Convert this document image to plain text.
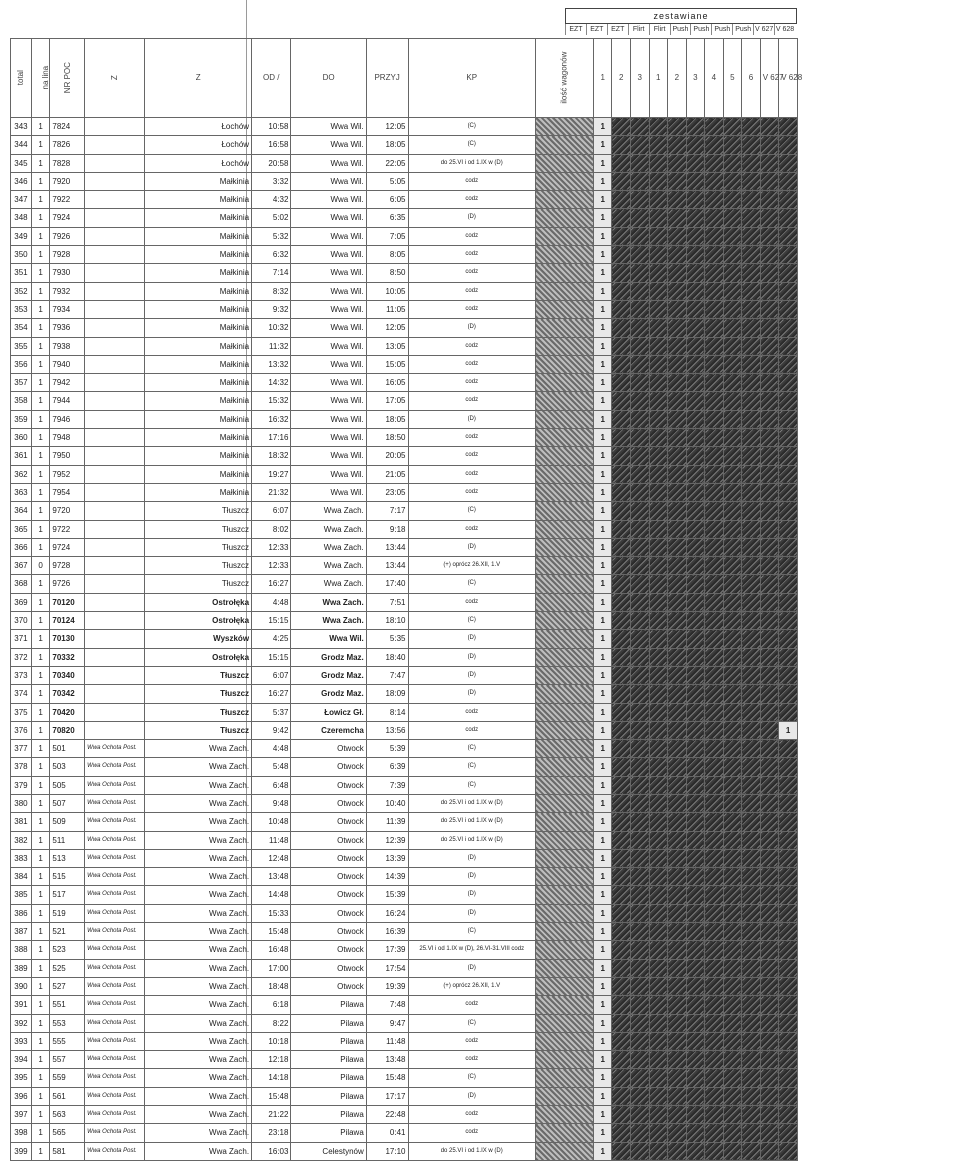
zestawiane
EZT	EZT	EZT	Flirt	Flirt	Push Push Push Push V 627 V 628
total	na lina	NR POC	Z	Z	OD /	DO	PRZYJ	KP	ilość wagonów	1	2	3	1	2	3	4	5	6	V 627	V 628
343	1	7824		Łochów	10:58	Wwa Wil.	12:05	(C)		1										
344	1	7826		Łochów	16:58	Wwa Wil.	18:05	(C)		1										
345	1	7828		Łochów	20:58	Wwa Wil.	22:05	do 25.VI i od 1.IX w (D)		1										
346	1	7920		Małkinia	3:32	Wwa Wil.	5:05	codz		1										
347	1	7922		Małkinia	4:32	Wwa Wil.	6:05	codz		1										
348	1	7924		Małkinia	5:02	Wwa Wil.	6:35	(D)		1										
349	1	7926		Małkinia	5:32	Wwa Wil.	7:05	codz		1										
350	1	7928		Małkinia	6:32	Wwa Wil.	8:05	codz		1										
351	1	7930		Małkinia	7:14	Wwa Wil.	8:50	codz		1										
352	1	7932		Małkinia	8:32	Wwa Wil.	10:05	codz		1										
353	1	7934		Małkinia	9:32	Wwa Wil.	11:05	codz		1										
354	1	7936		Małkinia	10:32	Wwa Wil.	12:05	(D)		1										
355	1	7938		Małkinia	11:32	Wwa Wil.	13:05	codz		1										
356	1	7940		Małkinia	13:32	Wwa Wil.	15:05	codz		1										
357	1	7942		Małkinia	14:32	Wwa Wil.	16:05	codz		1										
358	1	7944		Małkinia	15:32	Wwa Wil.	17:05	codz		1										
359	1	7946		Małkinia	16:32	Wwa Wil.	18:05	(D)		1										
360	1	7948		Małkinia	17:16	Wwa Wil.	18:50	codz		1										
361	1	7950		Małkinia	18:32	Wwa Wil.	20:05	codz		1										
362	1	7952		Małkinia	19:27	Wwa Wil.	21:05	codz		1										
363	1	7954		Małkinia	21:32	Wwa Wil.	23:05	codz		1										
364	1	9720		Tłuszcz	6:07	Wwa Zach.	7:17	(C)		1										
365	1	9722		Tłuszcz	8:02	Wwa Zach.	9:18	codz		1										
366	1	9724		Tłuszcz	12:33	Wwa Zach.	13:44	(D)		1										
367	0	9728		Tłuszcz	12:33	Wwa Zach.	13:44	(+) oprócz 26.XII, 1.V		1										
368	1	9726		Tłuszcz	16:27	Wwa Zach.	17:40	(C)		1										
369	1	70120		Ostrołęka	4:48	Wwa Zach.	7:51	codz		1										
370	1	70124		Ostrołęka	15:15	Wwa Zach.	18:10	(C)		1										
371	1	70130		Wyszków	4:25	Wwa Wil.	5:35	(D)		1										
372	1	70332		Ostrołęka	15:15	Grodz Maz.	18:40	(D)		1										
373	1	70340		Tłuszcz	6:07	Grodz Maz.	7:47	(D)		1										
374	1	70342		Tłuszcz	16:27	Grodz Maz.	18:09	(D)		1										
375	1	70420		Tłuszcz	5:37	Łowicz Gł.	8:14	codz		1										
376	1	70820		Tłuszcz	9:42	Czeremcha	13:56	codz		1										1
377	1	501	Wwa Ochota Post.	Wwa Zach.	4:48	Otwock	5:39	(C)		1										
378	1	503	Wwa Ochota Post.	Wwa Zach.	5:48	Otwock	6:39	(C)		1										
379	1	505	Wwa Ochota Post.	Wwa Zach.	6:48	Otwock	7:39	(C)		1										
380	1	507	Wwa Ochota Post.	Wwa Zach.	9:48	Otwock	10:40	do 25.VI i od 1.IX w (D)		1										
381	1	509	Wwa Ochota Post.	Wwa Zach.	10:48	Otwock	11:39	do 25.VI i od 1.IX w (D)		1										
382	1	511	Wwa Ochota Post.	Wwa Zach.	11:48	Otwock	12:39	do 25.VI i od 1.IX w (D)		1										
383	1	513	Wwa Ochota Post.	Wwa Zach.	12:48	Otwock	13:39	(D)		1										
384	1	515	Wwa Ochota Post.	Wwa Zach.	13:48	Otwock	14:39	(D)		1										
385	1	517	Wwa Ochota Post.	Wwa Zach.	14:48	Otwock	15:39	(D)		1										
386	1	519	Wwa Ochota Post.	Wwa Zach.	15:33	Otwock	16:24	(D)		1										
387	1	521	Wwa Ochota Post.	Wwa Zach.	15:48	Otwock	16:39	(C)		1										
388	1	523	Wwa Ochota Post.	Wwa Zach.	16:48	Otwock	17:39	25.VI i od 1.IX w (D), 26.VI-31.VIII codz		1										
389	1	525	Wwa Ochota Post.	Wwa Zach.	17:00	Otwock	17:54	(D)		1										
390	1	527	Wwa Ochota Post.	Wwa Zach.	18:48	Otwock	19:39	(+) oprócz 26.XII, 1.V		1										
391	1	551	Wwa Ochota Post.	Wwa Zach.	6:18	Pilawa	7:48	codz		1										
392	1	553	Wwa Ochota Post.	Wwa Zach.	8:22	Pilawa	9:47	(C)		1										
393	1	555	Wwa Ochota Post.	Wwa Zach.	10:18	Pilawa	11:48	codz		1										
394	1	557	Wwa Ochota Post.	Wwa Zach.	12:18	Pilawa	13:48	codz		1										
395	1	559	Wwa Ochota Post.	Wwa Zach.	14:18	Pilawa	15:48	(C)		1										
396	1	561	Wwa Ochota Post.	Wwa Zach.	15:48	Pilawa	17:17	(D)		1										
397	1	563	Wwa Ochota Post.	Wwa Zach.	21:22	Pilawa	22:48	codz		1										
398	1	565	Wwa Ochota Post.	Wwa Zach.	23:18	Pilawa	0:41	codz		1										
399	1	581	Wwa Ochota Post.	Wwa Zach.	16:03	Celestynów	17:10	do 25.VI i od 1.IX w (D)		1										
